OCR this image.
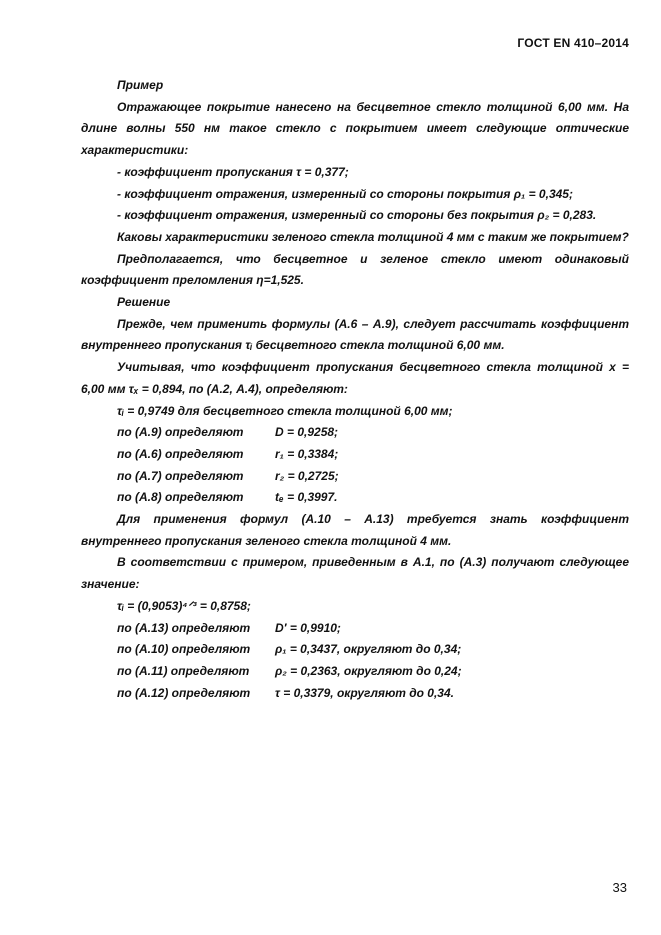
ГОСТ EN 410–2014

Пример

Отражающее покрытие нанесено на бесцветное стекло толщиной 6,00 мм. На длине волны 550 нм такое стекло с покрытием имеет следующие оптические характеристики:

- коэффициент пропускания τ = 0,377;

- коэффициент отражения, измеренный со стороны покрытия ρ₁ = 0,345;

- коэффициент отражения, измеренный со стороны без покрытия ρ₂ = 0,283.

Каковы характеристики зеленого стекла толщиной 4 мм с таким же покрытием?

Предполагается, что бесцветное и зеленое стекло имеют одинаковый коэффициент преломления η=1,525.

Решение

Прежде, чем применить формулы (А.6 – А.9), следует рассчитать коэффициент внутреннего пропускания τᵢ бесцветного стекла толщиной 6,00 мм.

Учитывая, что коэффициент пропускания бесцветного стекла толщиной x = 6,00 мм τₓ = 0,894, по (А.2, А.4), определяют:

τᵢ = 0,9749 для бесцветного стекла толщиной 6,00 мм;

по (А.9) определяют	D = 0,9258;
по (А.6) определяют	r₁ = 0,3384;
по (А.7) определяют	r₂ = 0,2725;
по (А.8) определяют	tₑ = 0,3997.

Для применения формул (А.10 – А.13) требуется знать коэффициент внутреннего пропускания зеленого стекла толщиной 4 мм.

В соответствии с примером, приведенным в А.1, по (А.3) получают следующее значение:

τᵢ = (0,9053)⁴ᐟ³ = 0,8758;

по (А.13) определяют	D′ = 0,9910;
по (А.10) определяют	ρ₁ = 0,3437, округляют до 0,34;
по (А.11) определяют	ρ₂ = 0,2363, округляют до 0,24;
по (А.12) определяют	τ = 0,3379, округляют до 0,34.
33
